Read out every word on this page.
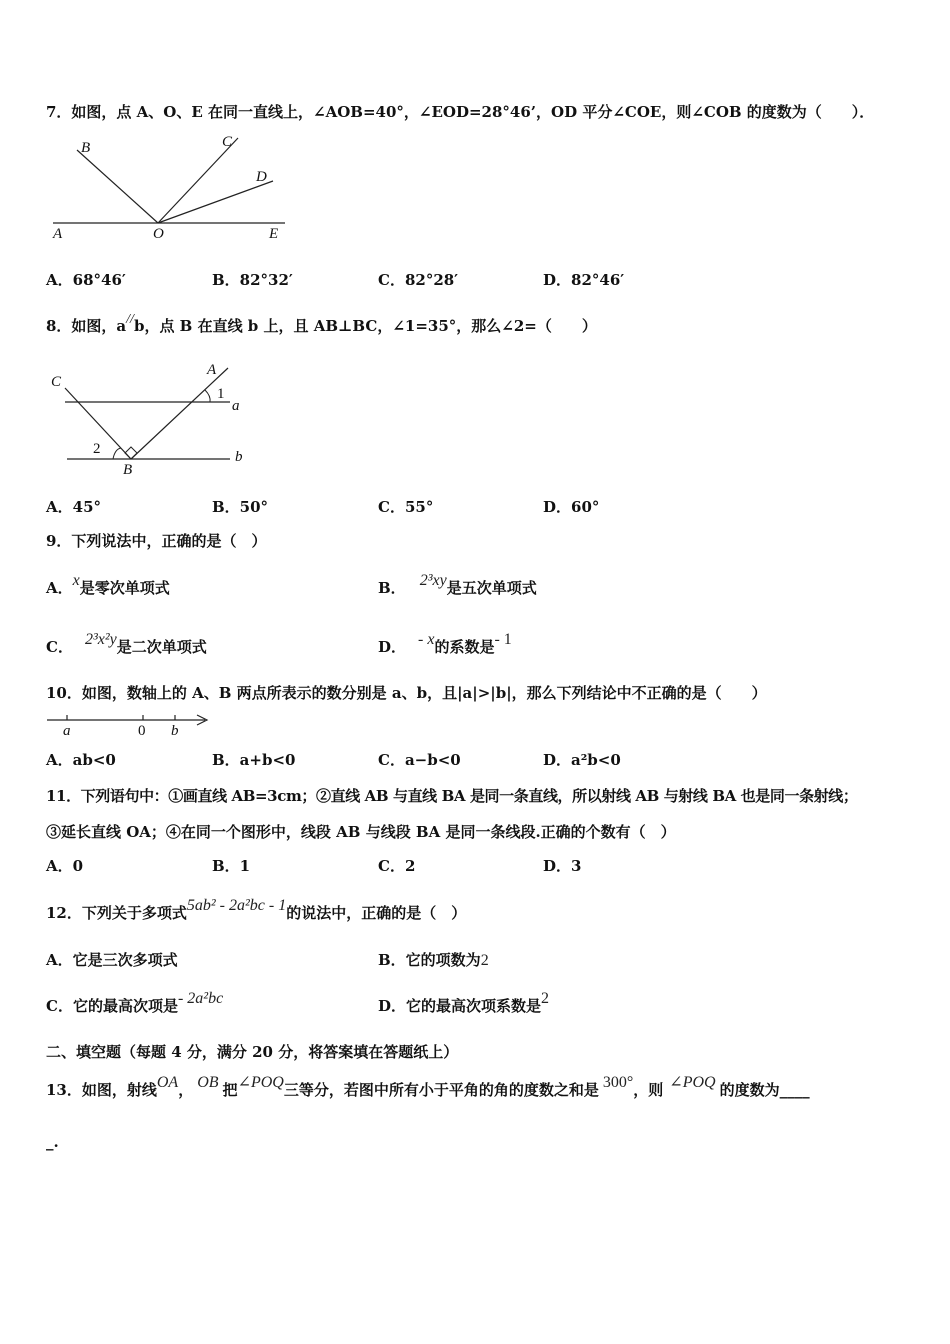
7．如图，点 A、O、E 在同一直线上，∠AOB=40°，∠EOD=28°46’，OD 平分∠COE，则∠COB 的度数为（　　）．
B	C
D
A	O	E
A．68°46′	B．82°32′	C．82°28′	D．82°46′
8．如图，a//b，点 B 在直线 b 上，且 AB⊥BC，∠1=35°，那么∠2=（　　）
C
A
1
a
2
B
b
A．45°	B．50°	C．55°	D．60°
9．下列说法中，正确的是（　）
A．x是零次单项式	B． 2³xy是五次单项式
C． 2³x²y是二次单项式	D． - x的系数是- 1
10．如图，数轴上的 A、B 两点所表示的数分别是 a、b，且|a|>|b|，那么下列结论中不正确的是（　　）
a	0 b
A．ab<0	B．a+b<0	C．a−b<0	D．a²b<0
11．下列语句中：①画直线 AB=3cm；②直线 AB 与直线 BA 是同一条直线，所以射线 AB 与射线 BA 也是同一条射线；
③延长直线 OA；④在同一个图形中，线段 AB 与线段 BA 是同一条线段.正确的个数有（　）
A．0	B．1	C．2	D．3
12．下列关于多项式5ab² - 2a²bc - 1的说法中，正确的是（　）
A．它是三次多项式	B．它的项数为2
C．它的最高次项是- 2a²bc	D．它的最高次项系数是2
二、填空题（每题 4 分，满分 20 分，将答案填在答题纸上）
13．如图，射线OA， OB 把∠POQ三等分，若图中所有小于平角的角的度数之和是 300°，则 ∠POQ 的度数为____
_.
